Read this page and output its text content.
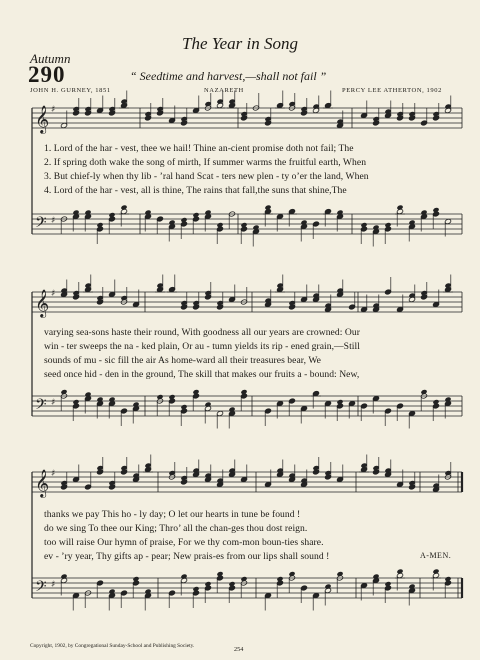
The Year in Song
Autumn
290	“ Seedtime and harvest,—shall not fail ”
JOHN H. GURNEY, 1851	NAZARETH	PERCY LEE ATHERTON, 1902
𝄞
𝄢
♯
♯
𝄞
𝄢
♯
♯
𝄞
𝄢
♯
♯
1. Lord of the har - vest, thee we hail! Thine an-cient promise doth not fail; The
2. If spring doth wake the song of mirth, If summer warms the fruitful earth, When
3. But chief-ly when thy lib - ’ral hand Scat - ters new plen - ty o’er the land, When
4. Lord of the har - vest, all is thine, The rains that fall,the suns that shine,The
varying sea-sons haste their round, With goodness all our years are crowned: Our
win - ter sweeps the na - ked plain, Or au - tumn yields its rip - ened grain,—Still
sounds of mu - sic fill the air As home-ward all their treasures bear, We
seed once hid - den in the ground, The skill that makes our fruits a - bound: New,
thanks we pay This ho - ly day; O let our hearts in tune be found !
do we sing To thee our King; Thro’ all the chan-ges thou dost reign.
too will raise Our hymn of praise, For we thy com-mon boun-ties share.
ev - ’ry year, Thy gifts ap - pear; New prais-es from our lips shall sound !	A-MEN.
Copyright, 1902, by Congregational Sunday-School and Publishing Society.	254
